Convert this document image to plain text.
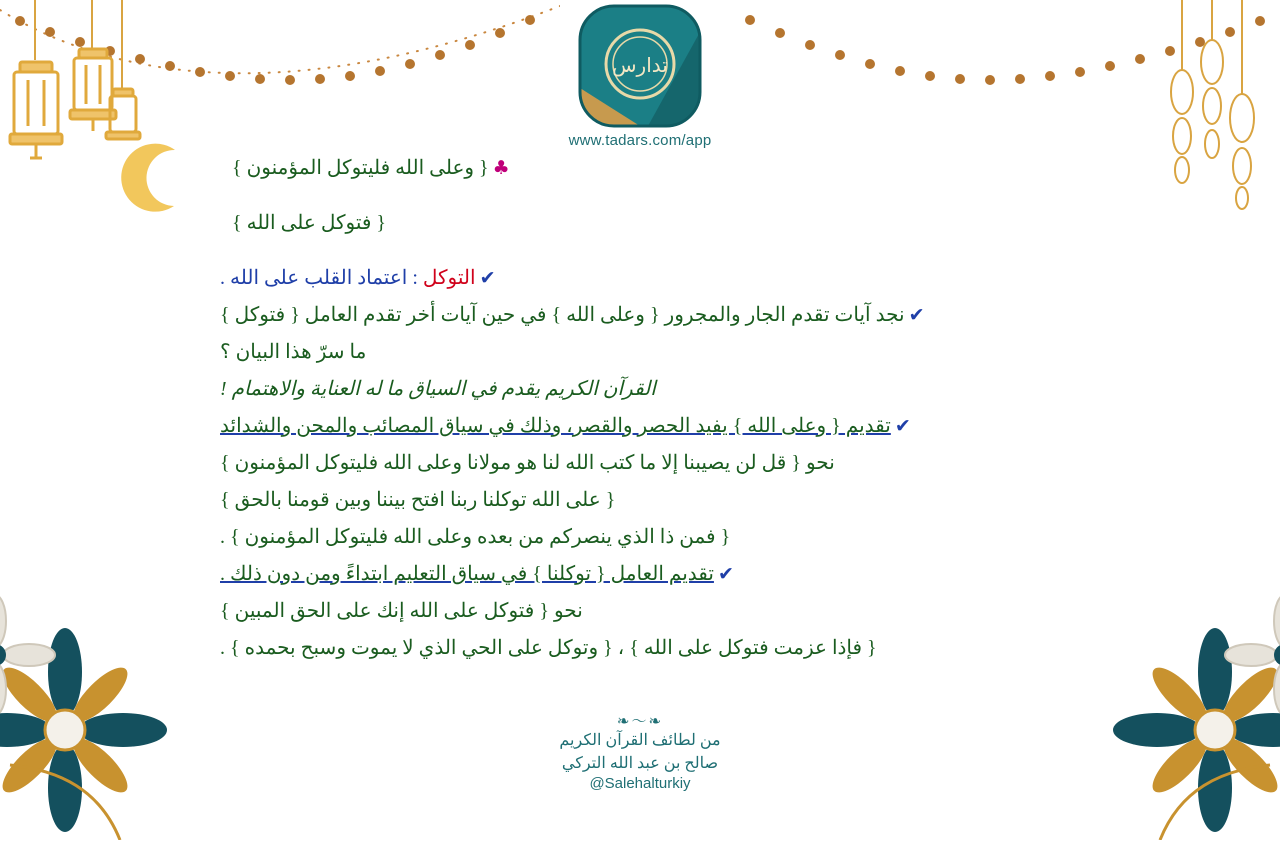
تدارس
www.tadars.com/app
♣
{ وعلى الله فليتوكل المؤمنون }
{ فتوكل على الله }
✔
التوكل : اعتماد القلب على الله .
✔
نجد آيات تقدم الجار والمجرور { وعلى الله } في حين آيات أخر تقدم العامل { فتوكل }
ما سرّ هذا البيان ؟
القرآن الكريم يقدم في السياق ما له العناية والاهتمام !
✔
تقديم { وعلى الله } يفيد الحصر والقصر، وذلك في سياق المصائب والمحن والشدائد
نحو { قل لن يصيبنا إلا ما كتب الله لنا هو مولانا وعلى الله فليتوكل المؤمنون }
{ على الله توكلنا ربنا افتح بيننا وبين قومنا بالحق }
{ فمن ذا الذي ينصركم من بعده وعلى الله فليتوكل المؤمنون } .
✔
تقديم العامل { توكلنا } في سياق التعليم ابتداءً ومن دون ذلك .
نحو { فتوكل على الله إنك على الحق المبين }
{ فإذا عزمت فتوكل على الله } ، { وتوكل على الحي الذي لا يموت وسبح بحمده } .
❧～❧
من لطائف القرآن الكريم
صالح بن عبد الله التركي
@Salehalturkiy
